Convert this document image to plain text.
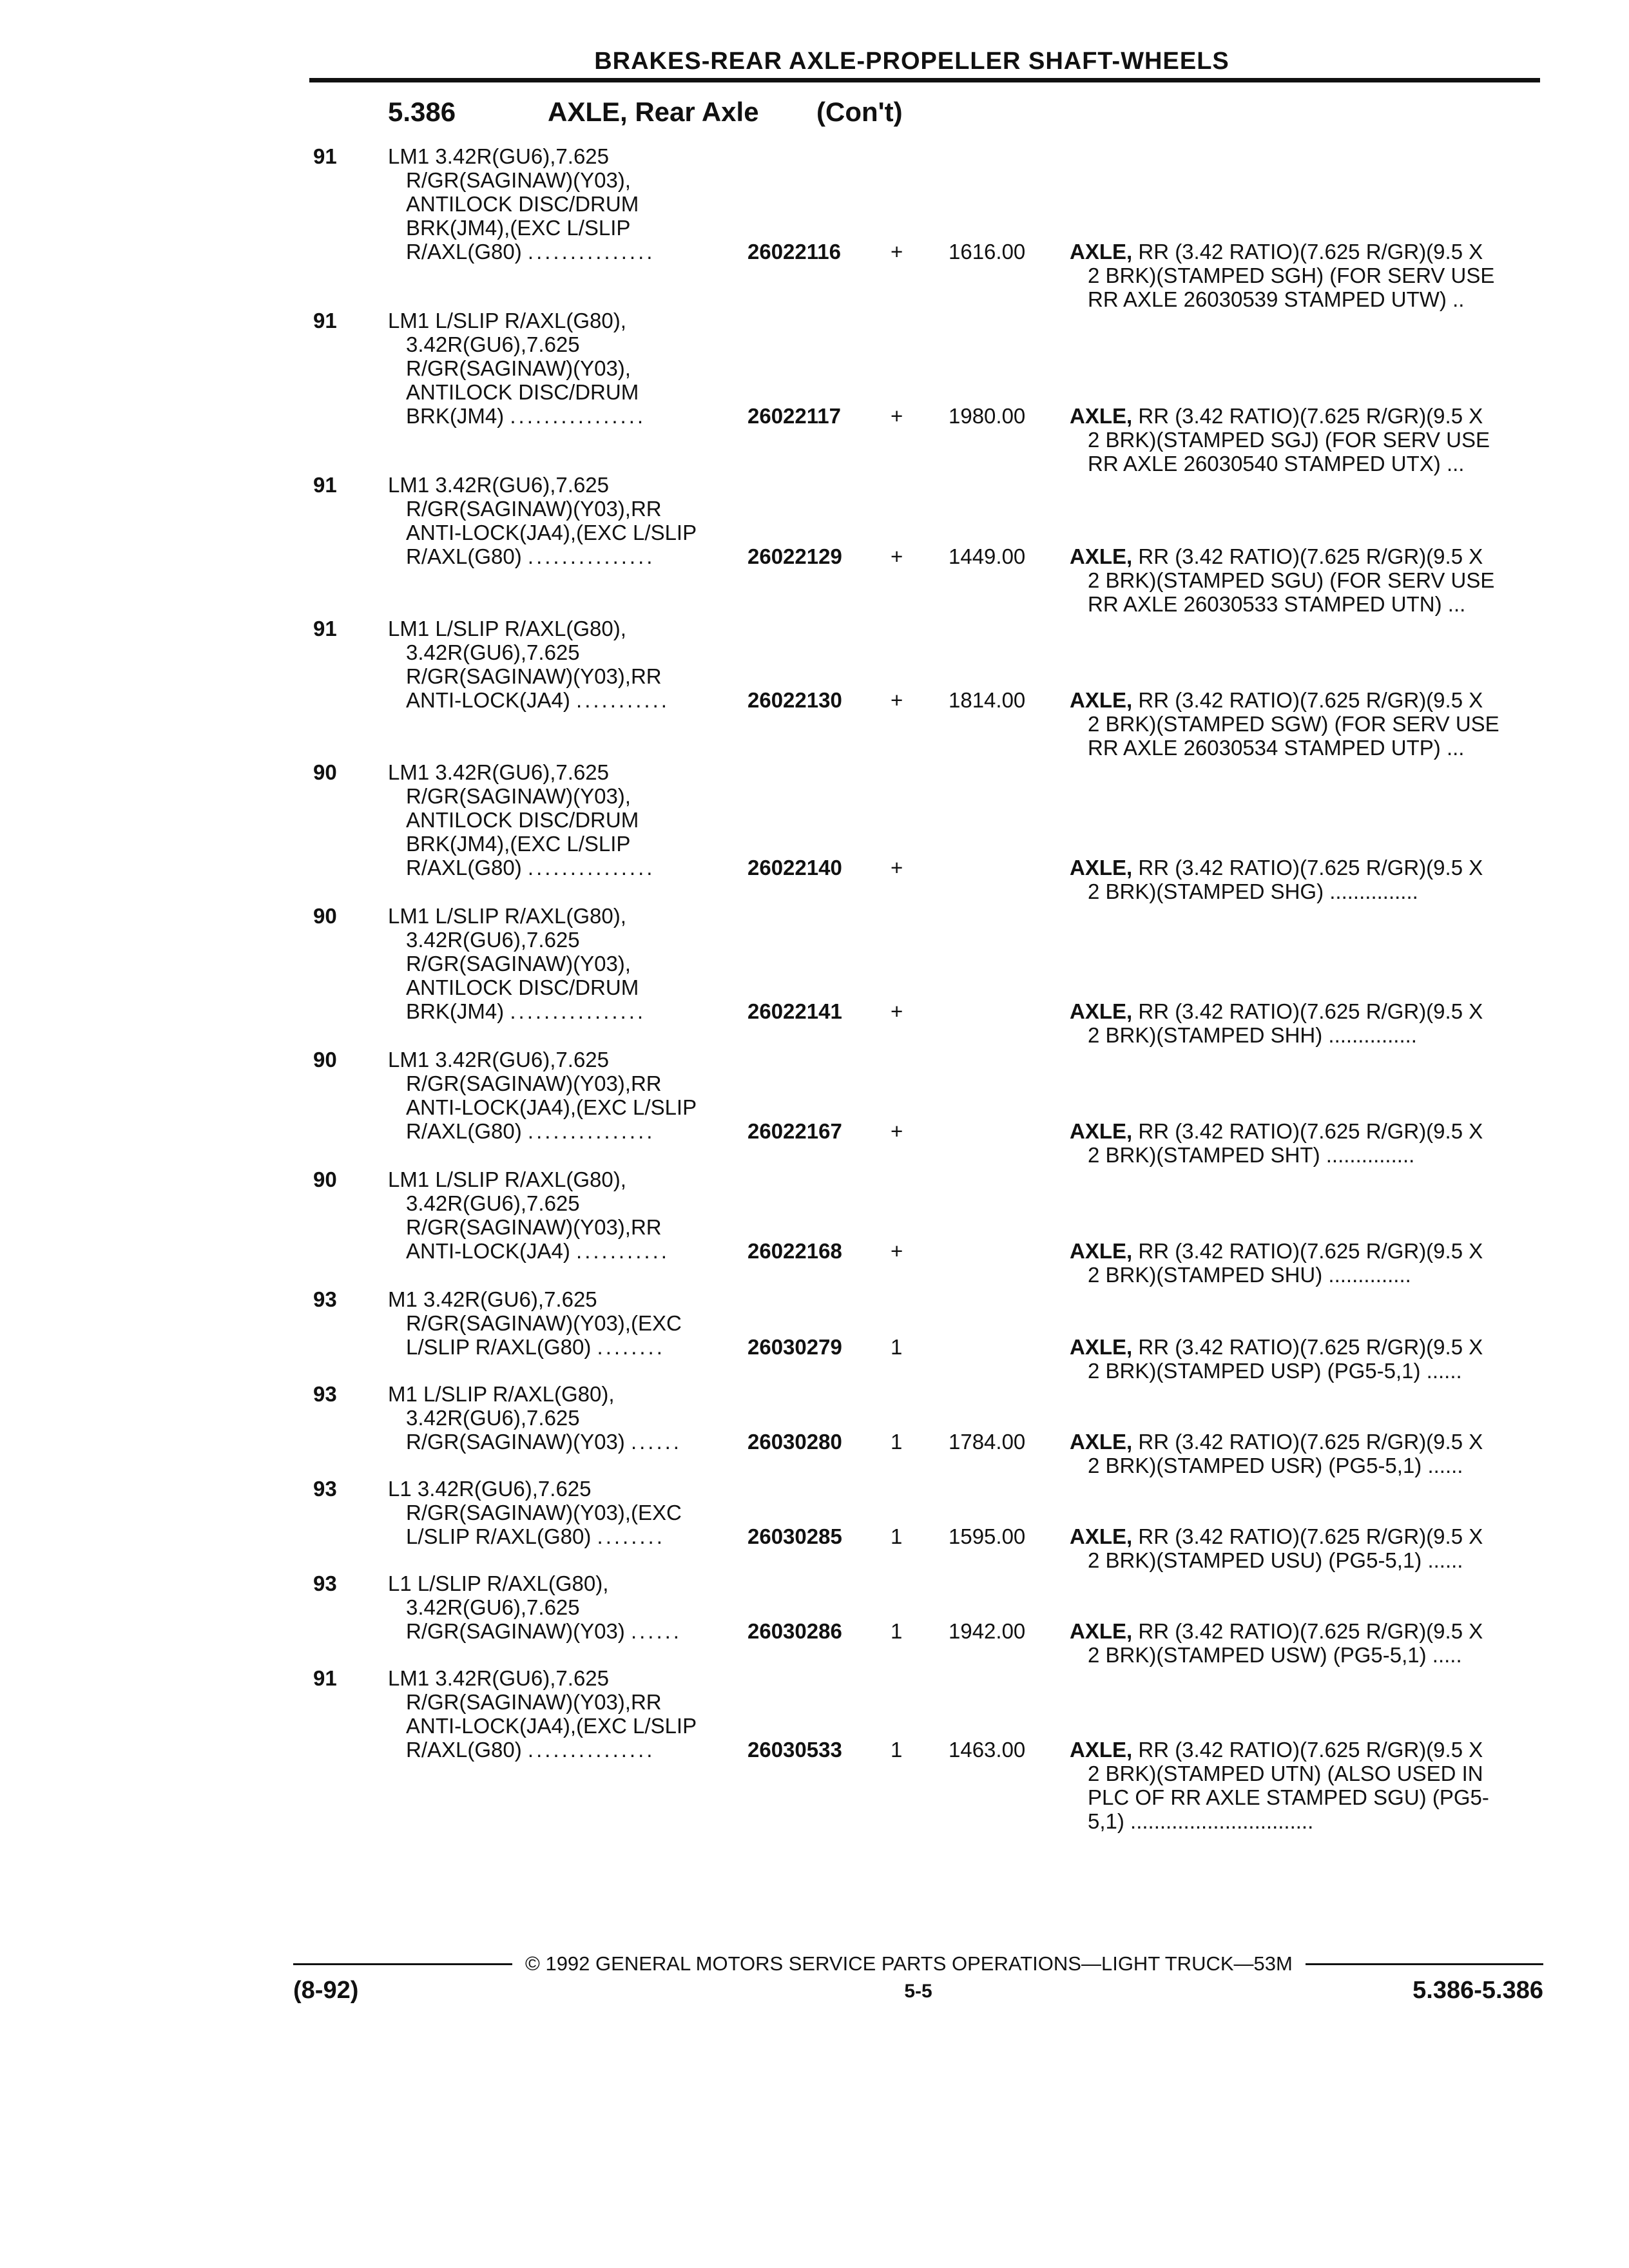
BRAKES-REAR AXLE-PROPELLER SHAFT-WHEELS
5.386	AXLE, Rear Axle (Con't)
91 LM1 3.42R(GU6),7.625
R/GR(SAGINAW)(Y03),
ANTILOCK DISC/DRUM
BRK(JM4),(EXC L/SLIP
R/AXL(G80) ...............	26022116 + 1616.00 AXLE, RR (3.42 RATIO)(7.625 R/GR)(9.5 X
2 BRK)(STAMPED SGH) (FOR SERV USE
RR AXLE 26030539 STAMPED UTW) ..
91 LM1 L/SLIP R/AXL(G80),
3.42R(GU6),7.625
R/GR(SAGINAW)(Y03),
ANTILOCK DISC/DRUM
BRK(JM4) ................	26022117 + 1980.00 AXLE, RR (3.42 RATIO)(7.625 R/GR)(9.5 X
2 BRK)(STAMPED SGJ) (FOR SERV USE
RR AXLE 26030540 STAMPED UTX) ...
91 LM1 3.42R(GU6),7.625
R/GR(SAGINAW)(Y03),RR
ANTI-LOCK(JA4),(EXC L/SLIP
R/AXL(G80) ...............	26022129 + 1449.00 AXLE, RR (3.42 RATIO)(7.625 R/GR)(9.5 X
2 BRK)(STAMPED SGU) (FOR SERV USE
RR AXLE 26030533 STAMPED UTN) ...
91 LM1 L/SLIP R/AXL(G80),
3.42R(GU6),7.625
R/GR(SAGINAW)(Y03),RR
ANTI-LOCK(JA4) ...........	26022130 + 1814.00 AXLE, RR (3.42 RATIO)(7.625 R/GR)(9.5 X
2 BRK)(STAMPED SGW) (FOR SERV USE
RR AXLE 26030534 STAMPED UTP) ...
90 LM1 3.42R(GU6),7.625
R/GR(SAGINAW)(Y03),
ANTILOCK DISC/DRUM
BRK(JM4),(EXC L/SLIP
R/AXL(G80) ...............	26022140 +	AXLE, RR (3.42 RATIO)(7.625 R/GR)(9.5 X
2 BRK)(STAMPED SHG) ...............
90 LM1 L/SLIP R/AXL(G80),
3.42R(GU6),7.625
R/GR(SAGINAW)(Y03),
ANTILOCK DISC/DRUM
BRK(JM4) ................	26022141 +	AXLE, RR (3.42 RATIO)(7.625 R/GR)(9.5 X
2 BRK)(STAMPED SHH) ...............
90 LM1 3.42R(GU6),7.625
R/GR(SAGINAW)(Y03),RR
ANTI-LOCK(JA4),(EXC L/SLIP
R/AXL(G80) ...............	26022167 +	AXLE, RR (3.42 RATIO)(7.625 R/GR)(9.5 X
2 BRK)(STAMPED SHT) ...............
90 LM1 L/SLIP R/AXL(G80),
3.42R(GU6),7.625
R/GR(SAGINAW)(Y03),RR
ANTI-LOCK(JA4) ...........	26022168 +	AXLE, RR (3.42 RATIO)(7.625 R/GR)(9.5 X
2 BRK)(STAMPED SHU) ..............
93 M1 3.42R(GU6),7.625
R/GR(SAGINAW)(Y03),(EXC
L/SLIP R/AXL(G80) ........	26030279 1	AXLE, RR (3.42 RATIO)(7.625 R/GR)(9.5 X
2 BRK)(STAMPED USP) (PG5-5,1) ......
93 M1 L/SLIP R/AXL(G80),
3.42R(GU6),7.625
R/GR(SAGINAW)(Y03) ......	26030280 1 1784.00 AXLE, RR (3.42 RATIO)(7.625 R/GR)(9.5 X
2 BRK)(STAMPED USR) (PG5-5,1) ......
93 L1 3.42R(GU6),7.625
R/GR(SAGINAW)(Y03),(EXC
L/SLIP R/AXL(G80) ........	26030285 1 1595.00 AXLE, RR (3.42 RATIO)(7.625 R/GR)(9.5 X
2 BRK)(STAMPED USU) (PG5-5,1) ......
93 L1 L/SLIP R/AXL(G80),
3.42R(GU6),7.625
R/GR(SAGINAW)(Y03) ......	26030286 1 1942.00 AXLE, RR (3.42 RATIO)(7.625 R/GR)(9.5 X
2 BRK)(STAMPED USW) (PG5-5,1) .....
91 LM1 3.42R(GU6),7.625
R/GR(SAGINAW)(Y03),RR
ANTI-LOCK(JA4),(EXC L/SLIP
R/AXL(G80) ...............	26030533 1 1463.00 AXLE, RR (3.42 RATIO)(7.625 R/GR)(9.5 X
2 BRK)(STAMPED UTN) (ALSO USED IN
PLC OF RR AXLE STAMPED SGU) (PG5-
5,1) ...............................
© 1992 GENERAL MOTORS SERVICE PARTS OPERATIONS—LIGHT TRUCK—53M
(8-92)	5-5	5.386-5.386
